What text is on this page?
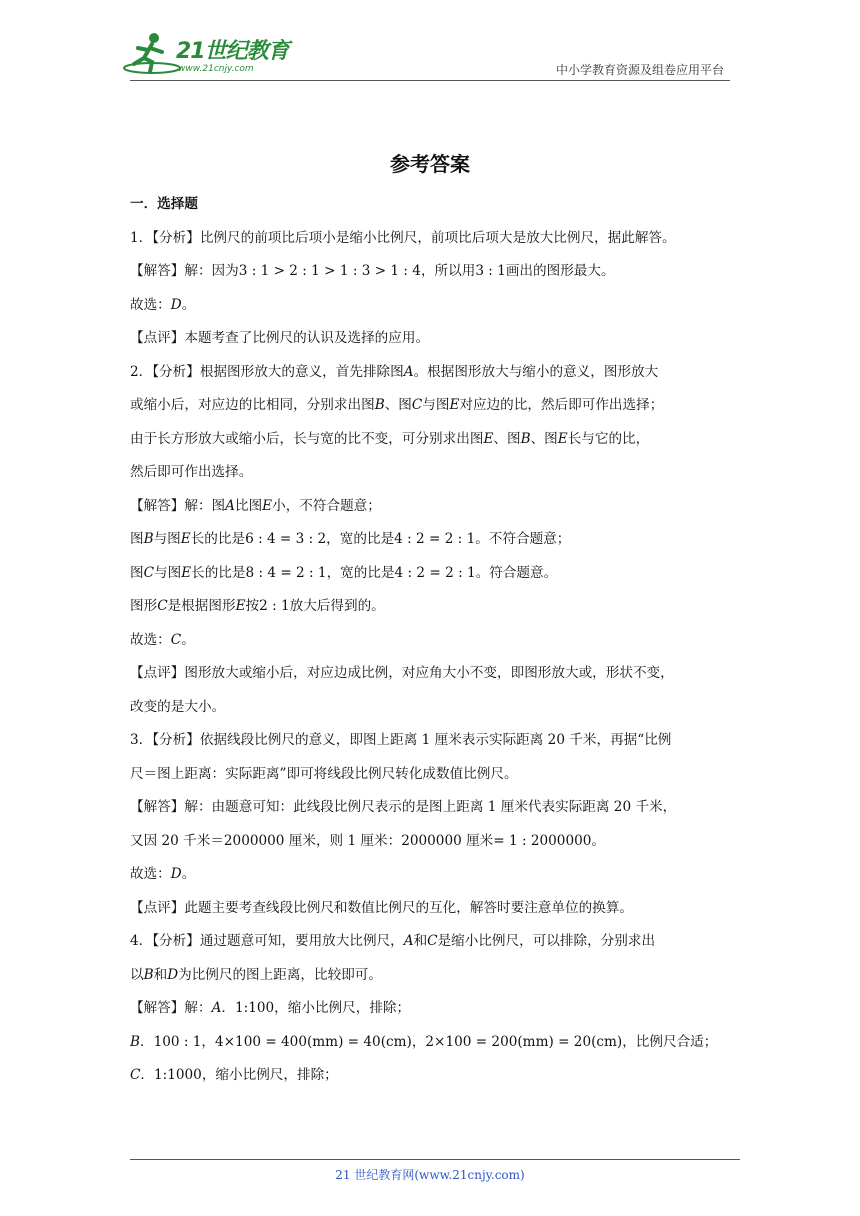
21世纪教育
www.21cnjy.com	中小学教育资源及组卷应用平台
参考答案
一．选择题
1．【分析】比例尺的前项比后项小是缩小比例尺，前项比后项大是放大比例尺，据此解答。
【解答】解：因为3 : 1 > 2 : 1 > 1 : 3 > 1 : 4，所以用3 : 1画出的图形最大。
故选：D。
【点评】本题考查了比例尺的认识及选择的应用。
2．【分析】根据图形放大的意义，首先排除图A。根据图形放大与缩小的意义，图形放大
或缩小后，对应边的比相同，分别求出图B、图C与图E对应边的比，然后即可作出选择；
由于长方形放大或缩小后，长与宽的比不变，可分别求出图E、图B、图E长与它的比，
然后即可作出选择。
【解答】解：图A比图E小，不符合题意；
图B与图E长的比是6 : 4 = 3 : 2，宽的比是4 : 2 = 2 : 1。不符合题意；
图C与图E长的比是8 : 4 = 2 : 1，宽的比是4 : 2 = 2 : 1。符合题意。
图形C是根据图形E按2 : 1放大后得到的。
故选：C。
【点评】图形放大或缩小后，对应边成比例，对应角大小不变，即图形放大或，形状不变，
改变的是大小。
3．【分析】依据线段比例尺的意义，即图上距离 1 厘米表示实际距离 20 千米，再据“比例
尺＝图上距离：实际距离”即可将线段比例尺转化成数值比例尺。
【解答】解：由题意可知：此线段比例尺表示的是图上距离 1 厘米代表实际距离 20 千米，
又因 20 千米＝2000000 厘米，则 1 厘米：2000000 厘米= 1 : 2000000。
故选：D。
【点评】此题主要考查线段比例尺和数值比例尺的互化，解答时要注意单位的换算。
4．【分析】通过题意可知，要用放大比例尺，A和C是缩小比例尺，可以排除，分别求出
以B和D为比例尺的图上距离，比较即可。
【解答】解：A．1:100，缩小比例尺，排除；
B．100 : 1，4×100 = 400(mm) = 40(cm)，2×100 = 200(mm) = 20(cm)，比例尺合适；
C．1:1000，缩小比例尺，排除；
21 世纪教育网(www.21cnjy.com)
